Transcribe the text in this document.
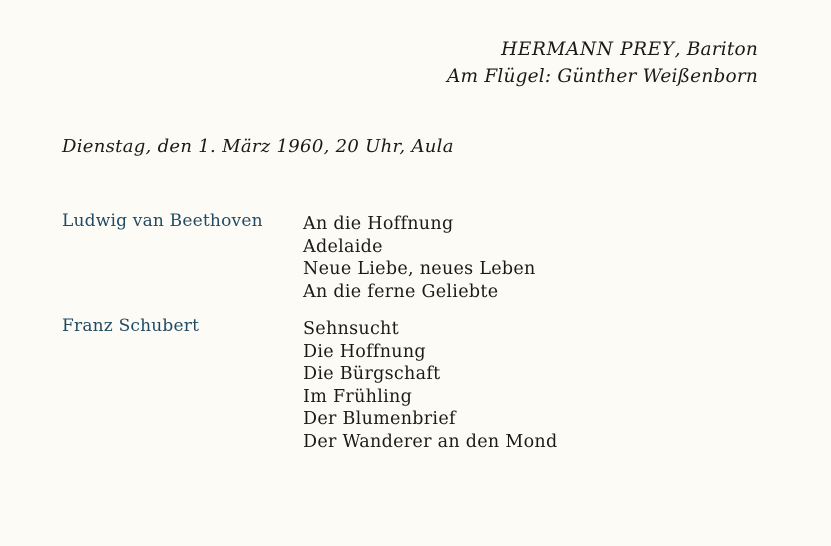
HERMANN PREY, Bariton
Am Flügel: Günther Weißenborn
Dienstag, den 1. März 1960, 20 Uhr, Aula
Ludwig van Beethoven	An die Hoffnung
Adelaide
Neue Liebe, neues Leben
An die ferne Geliebte
Franz Schubert	Sehnsucht
Die Hoffnung
Die Bürgschaft
Im Frühling
Der Blumenbrief
Der Wanderer an den Mond
